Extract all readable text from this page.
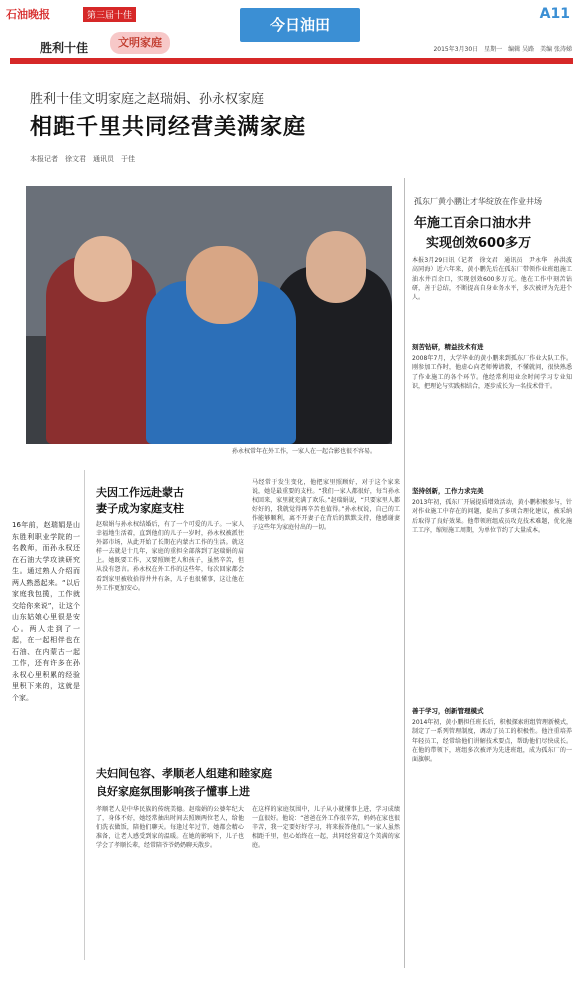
石油晚报	第三届十佳	今日油田
A11
胜利十佳	文明家庭
2015年3月30日　星期一　编辑 吴路　美编 张涛娣
胜利十佳文明家庭之赵瑞娟、孙永权家庭
相距千里共同经营美满家庭
本报记者　徐文君　通讯员　于佳
孙永权常年在外工作，一家人在一起合影也很不容易。
孤东厂黄小鹏让才华绽放在作业井场
年施工百余口油水井
实现创效600多万
本报3月29日讯（记者　徐文君　通讯员　尹永华　孙洪波　高同海）近六年来，黄小鹏先后在孤东厂带领作业班组施工油水井百余口，实现创效600多万元。他在工作中刻苦钻研，善于总结，不断提高自身业务水平，多次被评为先进个人。
刻苦钻研，精益技术有进
2008年7月，大学毕业的黄小鹏来到孤东厂作业大队工作。刚参加工作时，他虚心向老师傅请教，不懂就问，很快熟悉了作业施工的各个环节。他经常利用业余时间学习专业知识，把理论与实践相结合，逐步成长为一名技术骨干。
坚持创新，工作力求完美
2013年初，孤东厂开展提质增效活动，黄小鹏积极参与，针对作业施工中存在的问题，提出了多项合理化建议，被采纳后取得了良好效果。他带领班组成员攻克技术难题，优化施工工序，缩短施工周期，为单位节约了大量成本。
善于学习，创新管理模式
2014年初，黄小鹏担任班长后，积极探索班组管理新模式，制定了一系列管理制度，调动了员工的积极性。他注重培养年轻员工，经常给他们讲解技术要点，帮助他们尽快成长。在他的带领下，班组多次被评为先进班组，成为孤东厂的一面旗帜。
16年前，赵瑞娟是山东胜利职业学院的一名教师，而孙永权还在石油大学攻读研究生。通过熟人介绍而两人熟悉起来。“以后家庭我包揽，工作就交给你来说”，让这个山东姑娘心里很是安心。两人走到了一起，在一起相伴也在石油、在内蒙古一起工作，还有许多在孙永权心里积累的经验里积下来的，这就是个家。
夫因工作远赴蒙古
妻子成为家庭支柱
赵瑞娟与孙永权结婚后，有了一个可爱的儿子。一家人幸福地生活着，直到他们的儿子一岁时，孙永权被派往外部市场，从此开始了长期在内蒙古工作的生活。就这样一去就是十几年，家庭的重担全部落到了赵瑞娟的肩上。她既要工作，又要照顾老人和孩子，虽然辛苦，但从没有怨言。孙永权在外工作的这些年，每次回家都会看到家里被收拾得井井有条，儿子也很懂事，这让他在外工作更加安心。
马经常于发生变化，他把家里照顾好，对于这个家来说，她是最重要的支柱。“我们一家人都很好，每当孙永权回来，家里就充满了欢乐。”赵瑞娟说，“只要家里人都好好的，我就觉得再辛苦也值得。”孙永权说，自己的工作能够顺利，离不开妻子在背后的默默支持，他感谢妻子这些年为家庭付出的一切。
夫妇间包容、孝顺老人组建和睦家庭
良好家庭氛围影响孩子懂事上进
孝顺老人是中华民族的传统美德。赵瑞娟的公婆年纪大了，身体不好，她经常抽出时间去照顾两位老人，给他们洗衣做饭，陪他们聊天。每逢过年过节，她都会精心准备，让老人感受到家的温暖。在她的影响下，儿子也学会了孝顺长辈，经常陪爷爷奶奶聊天散步。
在这样的家庭氛围中，儿子从小就懂事上进，学习成绩一直很好。他说：“爸爸在外工作很辛苦，妈妈在家也很辛苦，我一定要好好学习，将来报答他们。”一家人虽然相距千里，但心始终在一起，共同经营着这个美满的家庭。
